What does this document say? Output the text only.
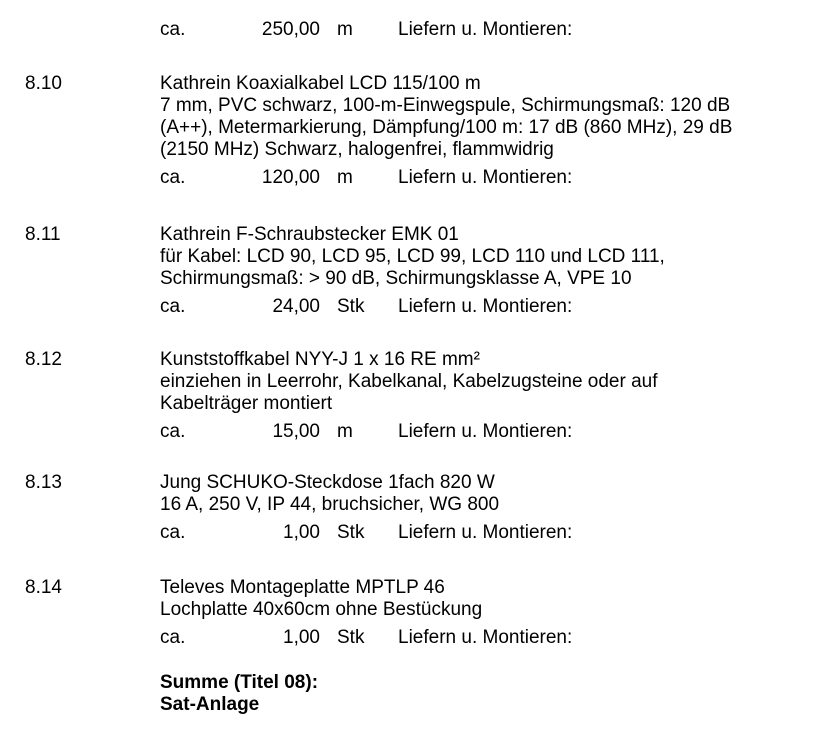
ca.	250,00 m Liefern u. Montieren:
8.10	Kathrein Koaxialkabel LCD 115/100 m
7 mm, PVC schwarz, 100-m-Einwegspule, Schirmungsmaß: 120 dB
(A++), Metermarkierung, Dämpfung/100 m: 17 dB (860 MHz), 29 dB
(2150 MHz) Schwarz, halogenfrei, flammwidrig
ca.	120,00 m Liefern u. Montieren:
8.11	Kathrein F-Schraubstecker EMK 01
für Kabel: LCD 90, LCD 95, LCD 99, LCD 110 und LCD 111,
Schirmungsmaß: > 90 dB, Schirmungsklasse A, VPE 10
ca.	24,00 Stk Liefern u. Montieren:
8.12	Kunststoffkabel NYY-J 1 x 16 RE mm²
einziehen in Leerrohr, Kabelkanal, Kabelzugsteine oder auf
Kabelträger montiert
ca.	15,00 m Liefern u. Montieren:
8.13	Jung SCHUKO-Steckdose 1fach 820 W
16 A, 250 V, IP 44, bruchsicher, WG 800
ca.	1,00 Stk Liefern u. Montieren:
8.14	Televes Montageplatte MPTLP 46
Lochplatte 40x60cm ohne Bestückung
ca.	1,00 Stk Liefern u. Montieren:
Summe (Titel 08):
Sat-Anlage
